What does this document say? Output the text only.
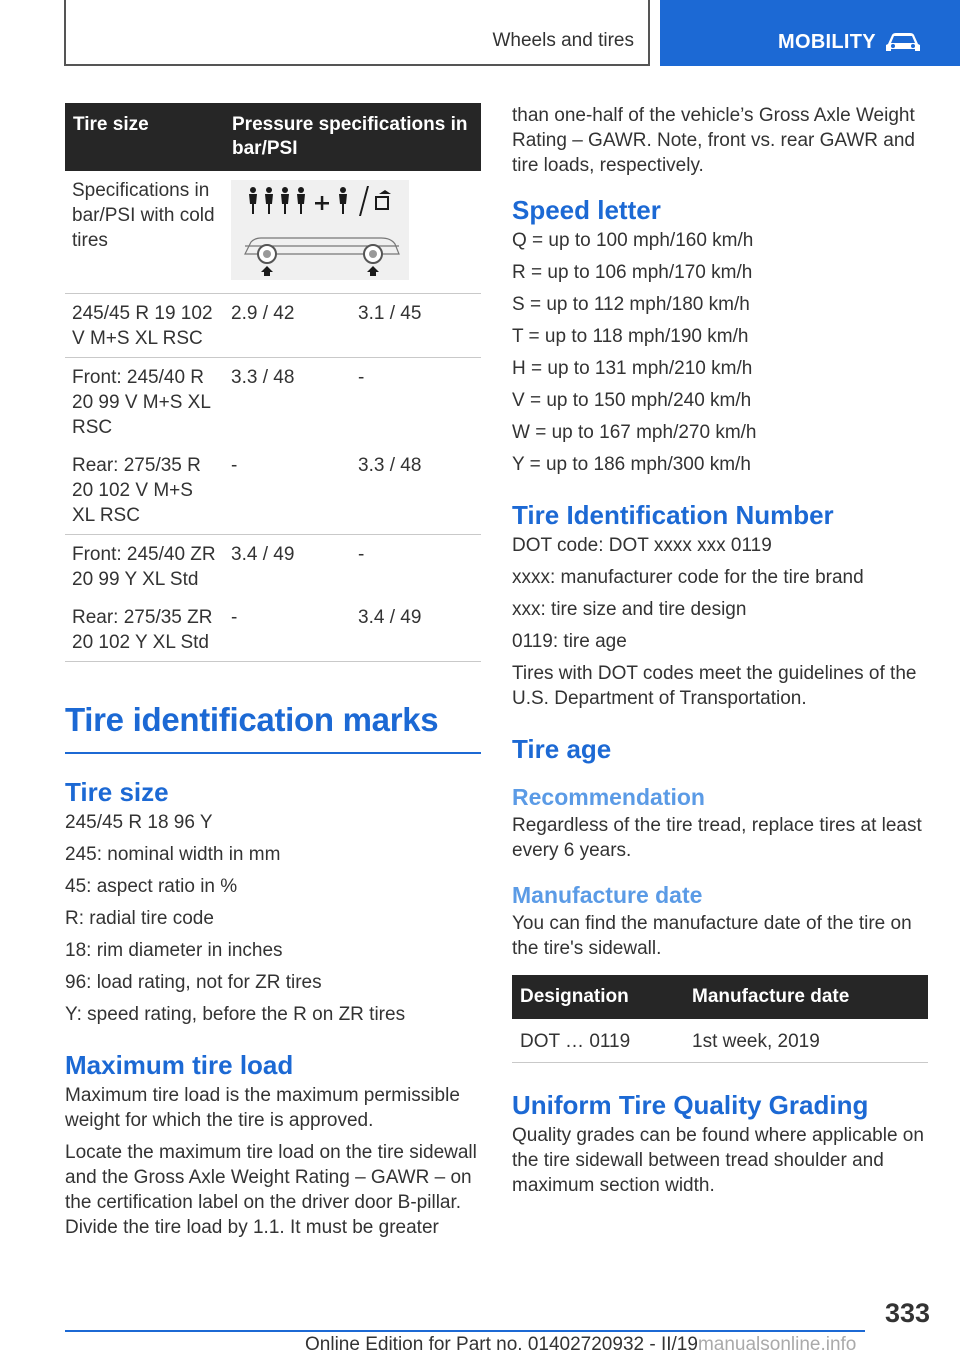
Wheels and tires	MOBILITY
Tire size	Pressure specifications in bar/PSI	
Specifications in bar/PSI with cold tires	
245/45 R 19 102 V M+S XL RSC	2.9 / 42	3.1 / 45
Front: 245/40 R 20 99 V M+S XL RSC	3.3 / 48	-
Rear: 275/35 R 20 102 V M+S XL RSC	-	3.3 / 48
Front: 245/40 ZR 20 99 Y XL Std	3.4 / 49	-
Rear: 275/35 ZR 20 102 Y XL Std	-	3.4 / 49
Tire identification marks
Tire size

245/45 R 18 96 Y

245: nominal width in mm

45: aspect ratio in %

R: radial tire code

18: rim diameter in inches

96: load rating, not for ZR tires

Y: speed rating, before the R on ZR tires

Maximum tire load

Maximum tire load is the maximum permissible weight for which the tire is approved.

Locate the maximum tire load on the tire sidewall and the Gross Axle Weight Rating – GAWR – on the certification label on the driver door B-pillar. Divide the tire load by 1.1. It must be greater

than one-half of the vehicle’s Gross Axle Weight Rating – GAWR. Note, front vs. rear GAWR and tire loads, respectively.

Speed letter

Q = up to 100 mph/160 km/h

R = up to 106 mph/170 km/h

S = up to 112 mph/180 km/h

T = up to 118 mph/190 km/h

H = up to 131 mph/210 km/h

V = up to 150 mph/240 km/h

W = up to 167 mph/270 km/h

Y = up to 186 mph/300 km/h

Tire Identification Number

DOT code: DOT xxxx xxx 0119

xxxx: manufacturer code for the tire brand

xxx: tire size and tire design

0119: tire age

Tires with DOT codes meet the guidelines of the U.S. Department of Transportation.

Tire age
Recommendation

Regardless of the tire tread, replace tires at least every 6 years.

Manufacture date

You can find the manufacture date of the tire on the tire's sidewall.

Designation	Manufacture date
DOT … 0119	1st week, 2019
Uniform Tire Quality Grading

Quality grades can be found where applicable on the tire sidewall between tread shoulder and maximum section width.

333
Online Edition for Part no. 01402720932 - II/19manualsonline.info
